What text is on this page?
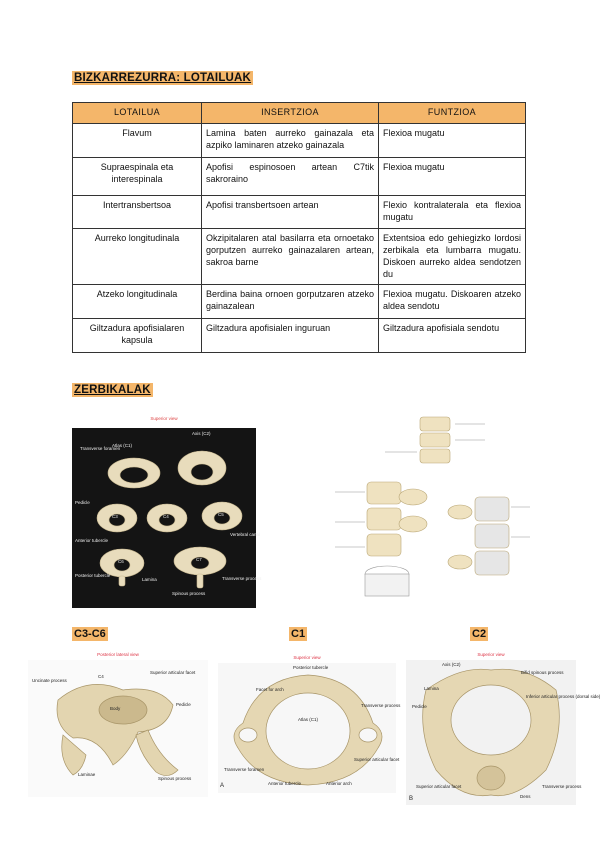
BIZKARREZURRA: LOTAILUAK
LOTAILUA	INSERTZIOA	FUNTZIOA
Flavum	Lamina baten aurreko gainazala eta azpiko laminaren atzeko gainazala	Flexioa mugatu
Supraespinala eta interespinala	Apofisi espinosoen artean C7tik sakroraino	Flexioa mugatu
Intertransbertsoa	Apofisi transbertsoen artean	Flexio kontralaterala eta flexioa mugatu
Aurreko longitudinala	Okzipitalaren atal basilarra eta ornoetako gorputzen aurreko gainazalaren artean, sakroa barne	Extentsioa edo gehiegizko lordosi zerbikala eta lumbarra mugatu. Diskoen aurreko aldea sendotzen du
Atzeko longitudinala	Berdina baina ornoen gorputzaren atzeko gainazalean	Flexioa mugatu. Diskoaren atzeko aldea sendotu
Giltzadura apofisialaren kapsula	Giltzadura apofisialen inguruan	Giltzadura apofisiala sendotu
ZERBIKALAK
Superior view
Atlas (C1)
Axis (C2)
Transverse foramen
Pedicle
Anterior tubercle
Vertebral canal
Posterior tubercle
Lamina	Transverse process
Spinous process
C3	C4	C5
C6	C7
C3-C6	C1	C2
Posterior lateral view
Uncinate process
C4
Superior articular facet
Pedicle
Body
Laminae
Spinous process
Superior view
Posterior tubercle
Facet for arch
Atlas (C1)
Transverse process
Transverse foramen
Superior articular facet
Anterior tubercle	Anterior arch
A
Superior view
Axis (C2)
Bifid spinous process
Lamina
Pedicle
Inferior articular process (dorsal side)
Transverse process
Superior articular facet
Dens
B
